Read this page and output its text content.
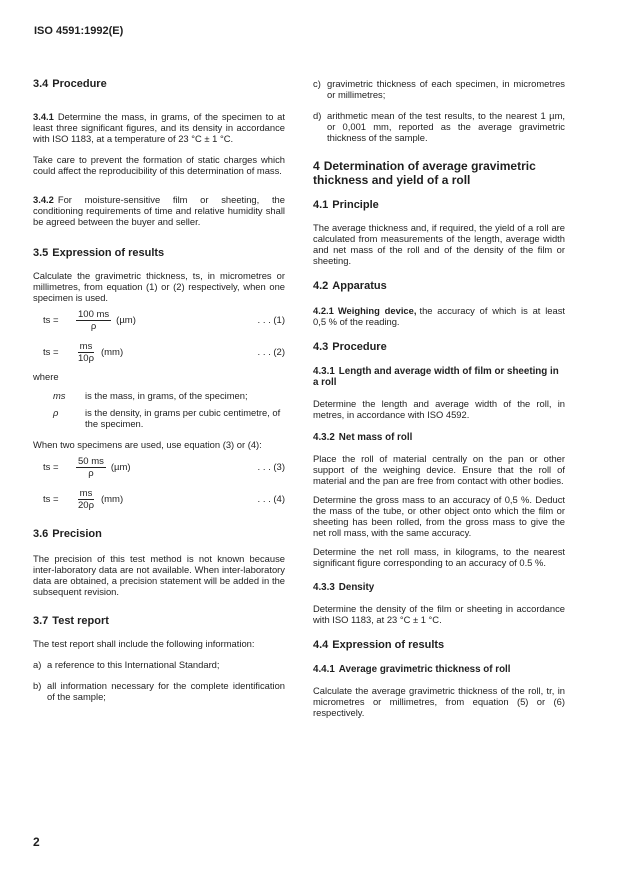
ISO 4591:1992(E)
3.4 Procedure

3.4.1 Determine the mass, in grams, of the specimen to at least three significant figures, and its density in accordance with ISO 1183, at a temperature of 23 °C ± 1 °C.

Take care to prevent the formation of static charges which could affect the reproducibility of this determination of mass.

3.4.2 For moisture-sensitive film or sheeting, the conditioning requirements of time and relative humidity shall be agreed between the buyer and seller.

3.5 Expression of results

Calculate the gravimetric thickness, ts, in micrometres or millimetres, from equation (1) or (2) respectively, when one specimen is used.

ts =	$\frac{100 ms}{\rho} (\mu m)$	. . . (1)
ts =	$\frac{ms}{10\rho} (mm)$	. . . (2)

where

ms	is the mass, in grams, of the specimen;
ρ	is the density, in grams per cubic centimetre, of the specimen.

When two specimens are used, use equation (3) or (4):

ts =	$\frac{50 ms}{\rho} (\mu m)$	. . . (3)
ts =	$\frac{ms}{20\rho} (mm)$	. . . (4)
3.6 Precision

The precision of this test method is not known because inter-laboratory data are not available. When inter-laboratory data are obtained, a precision statement will be added in the subsequent revision.

3.7 Test report

The test report shall include the following information:

a) a reference to this International Standard;
b) all information necessary for the complete identification of the sample;
c) gravimetric thickness of each specimen, in micrometres or millimetres;
d) arithmetic mean of the test results, to the nearest 1 µm, or 0,001 mm, reported as the average gravimetric thickness of the sample.
4 Determination of average gravimetric thickness and yield of a roll
4.1 Principle

The average thickness and, if required, the yield of a roll are calculated from measurements of the length, average width and net mass of the roll and of the density of the film or sheeting.

4.2 Apparatus

4.2.1 Weighing device, the accuracy of which is at least 0,5 % of the reading.

4.3 Procedure
4.3.1 Length and average width of film or sheeting in a roll

Determine the length and average width of the roll, in metres, in accordance with ISO 4592.

4.3.2 Net mass of roll

Place the roll of material centrally on the pan or other support of the weighing device. Ensure that the roll of material and the pan are free from contact with other bodies.

Determine the gross mass to an accuracy of 0,5 %. Deduct the mass of the tube, or other object onto which the film or sheeting has been rolled, from the gross mass to give the net roll mass, with the same accuracy.

Determine the net roll mass, in kilograms, to the nearest significant figure corresponding to an accuracy of 0.5 %.

4.3.3 Density

Determine the density of the film or sheeting in accordance with ISO 1183, at 23 °C ± 1 °C.

4.4 Expression of results
4.4.1 Average gravimetric thickness of roll

Calculate the average gravimetric thickness of the roll, tr, in micrometres or millimetres, from equation (5) or (6) respectively.

2
